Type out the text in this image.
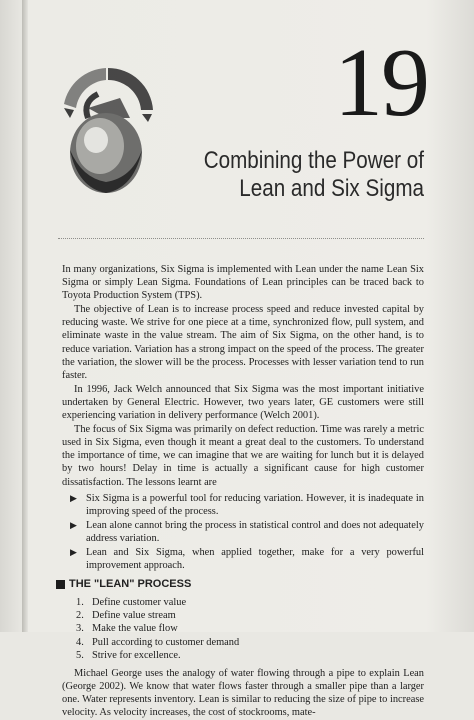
19
Combining the Power of
Lean and Six Sigma

In many organizations, Six Sigma is implemented with Lean under the name Lean Six Sigma or simply Lean Sigma. Foundations of Lean principles can be traced back to Toyota Production System (TPS).

The objective of Lean is to increase process speed and reduce invested capital by reducing waste. We strive for one piece at a time, synchronized flow, pull system, and eliminate waste in the value stream. The aim of Six Sigma, on the other hand, is to reduce variation. Variation has a strong impact on the speed of the process. The greater the variation, the slower will be the process. Processes with lesser variation tend to run faster.

In 1996, Jack Welch announced that Six Sigma was the most important initiative undertaken by General Electric. However, two years later, GE customers were still experiencing variation in delivery performance (Welch 2001).

The focus of Six Sigma was primarily on defect reduction. Time was rarely a metric used in Six Sigma, even though it meant a great deal to the customers. To understand the importance of time, we can imagine that we are waiting for lunch but it is delayed by two hours! Delay in time is actually a significant cause for high customer dissatisfaction. The lessons learnt are

▶ Six Sigma is a powerful tool for reducing variation. However, it is inadequate in improving speed of the process.
▶ Lean alone cannot bring the process in statistical control and does not adequately address variation.
▶ Lean and Six Sigma, when applied together, make for a very powerful improvement approach.
THE "LEAN" PROCESS
1. Define customer value
2. Define value stream
3. Make the value flow
4. Pull according to customer demand
5. Strive for excellence.

Michael George uses the analogy of water flowing through a pipe to explain Lean (George 2002). We know that water flows faster through a smaller pipe than a larger one. Water represents inventory. Lean is similar to reducing the size of pipe to increase velocity. As velocity increases, the cost of stockrooms, mate-
